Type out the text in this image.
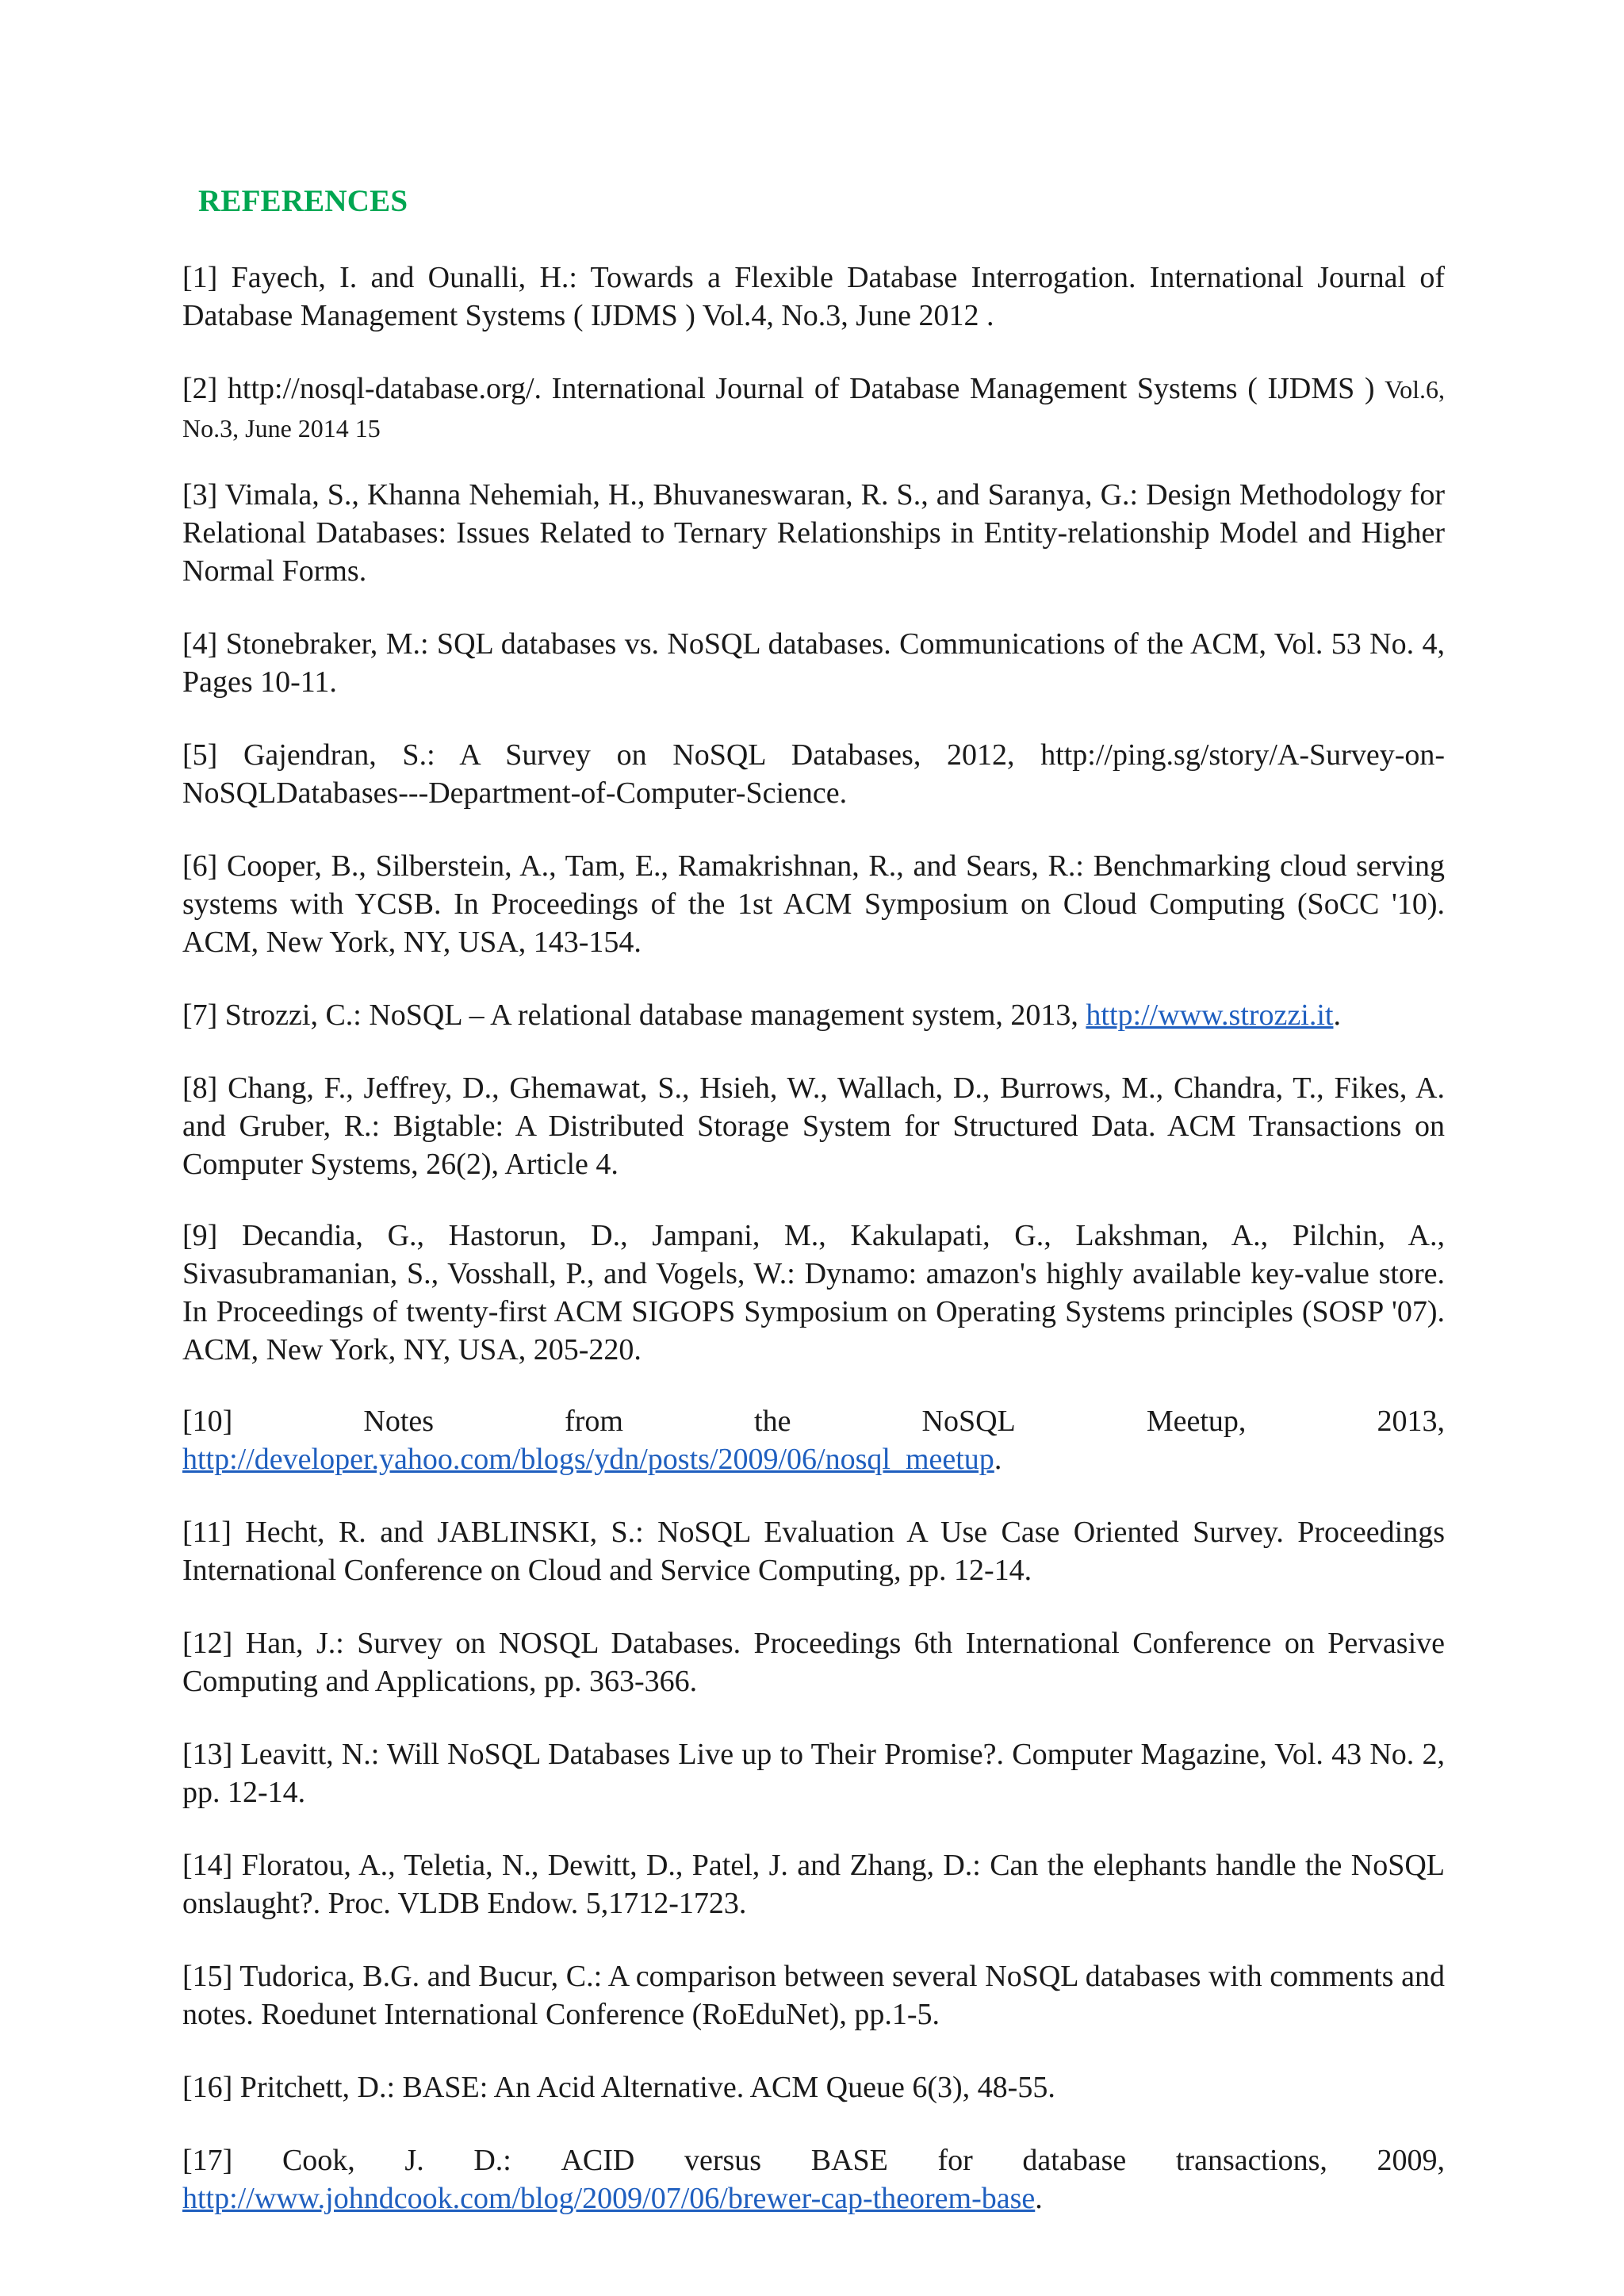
REFERENCES

[1] Fayech, I. and Ounalli, H.: Towards a Flexible Database Interrogation. International Journal of Database Management Systems ( IJDMS ) Vol.4, No.3, June 2012 .

[2] http://nosql-database.org/. International Journal of Database Management Systems ( IJDMS ) Vol.6, No.3, June 2014 15

[3] Vimala, S., Khanna Nehemiah, H., Bhuvaneswaran, R. S., and Saranya, G.: Design Methodology for Relational Databases: Issues Related to Ternary Relationships in Entity-relationship Model and Higher Normal Forms.

[4] Stonebraker, M.: SQL databases vs. NoSQL databases. Communications of the ACM, Vol. 53 No. 4, Pages 10-11.

[5] Gajendran, S.: A Survey on NoSQL Databases, 2012, http://ping.sg/story/A-Survey-on-NoSQLDatabases---Department-of-Computer-Science.

[6] Cooper, B., Silberstein, A., Tam, E., Ramakrishnan, R., and Sears, R.: Benchmarking cloud serving systems with YCSB. In Proceedings of the 1st ACM Symposium on Cloud Computing (SoCC '10). ACM, New York, NY, USA, 143-154.

[7] Strozzi, C.: NoSQL – A relational database management system, 2013, http://www.strozzi.it.

[8] Chang, F., Jeffrey, D., Ghemawat, S., Hsieh, W., Wallach, D., Burrows, M., Chandra, T., Fikes, A. and Gruber, R.: Bigtable: A Distributed Storage System for Structured Data. ACM Transactions on Computer Systems, 26(2), Article 4.

[9] Decandia, G., Hastorun, D., Jampani, M., Kakulapati, G., Lakshman, A., Pilchin, A., Sivasubramanian, S., Vosshall, P., and Vogels, W.: Dynamo: amazon's highly available key-value store. In Proceedings of twenty-first ACM SIGOPS Symposium on Operating Systems principles (SOSP '07). ACM, New York, NY, USA, 205-220.

[10]	Notes	from	the	NoSQL	Meetup,	2013,
http://developer.yahoo.com/blogs/ydn/posts/2009/06/nosql_meetup.

[11] Hecht, R. and JABLINSKI, S.: NoSQL Evaluation A Use Case Oriented Survey. Proceedings International Conference on Cloud and Service Computing, pp. 12-14.

[12] Han, J.: Survey on NOSQL Databases. Proceedings 6th International Conference on Pervasive Computing and Applications, pp. 363-366.

[13] Leavitt, N.: Will NoSQL Databases Live up to Their Promise?. Computer Magazine, Vol. 43 No. 2, pp. 12-14.

[14] Floratou, A., Teletia, N., Dewitt, D., Patel, J. and Zhang, D.: Can the elephants handle the NoSQL onslaught?. Proc. VLDB Endow. 5,1712-1723.

[15] Tudorica, B.G. and Bucur, C.: A comparison between several NoSQL databases with comments and notes. Roedunet International Conference (RoEduNet), pp.1-5.

[16] Pritchett, D.: BASE: An Acid Alternative. ACM Queue 6(3), 48-55.

[17] Cook, J. D.: ACID versus BASE for database transactions, 2009,
http://www.johndcook.com/blog/2009/07/06/brewer-cap-theorem-base.
